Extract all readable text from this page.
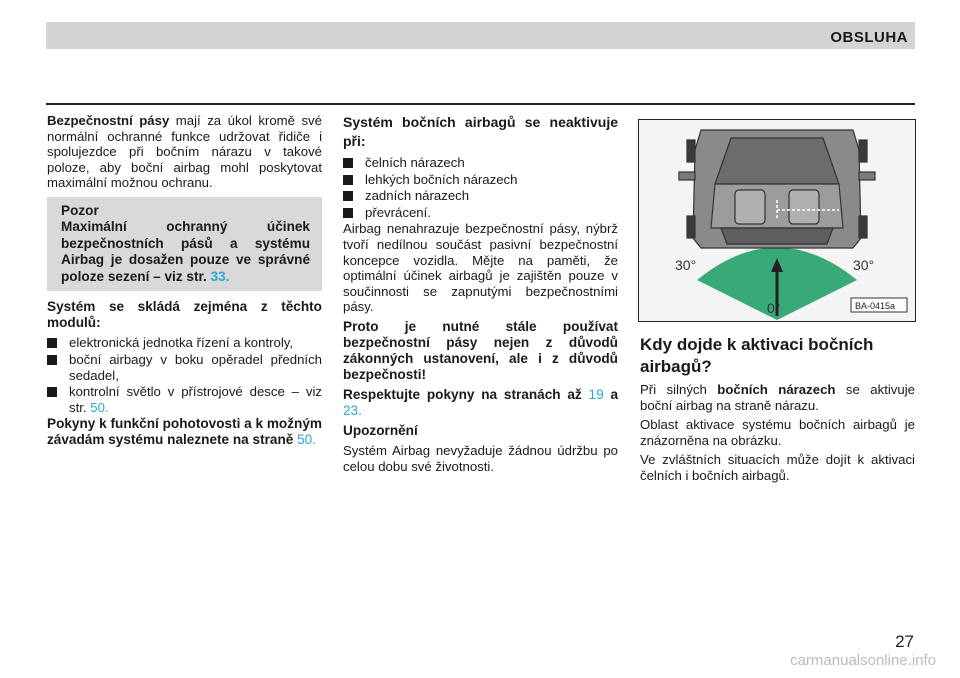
OBSLUHA

Bezpečnostní pásy mají za úkol kromě své normální ochranné funkce udržovat řidiče i spolujezdce při bočním nárazu v takové poloze, aby boční airbag mohl poskytovat maximální možnou ochranu.

Pozor
Maximální ochranný účinek bezpečnostních pásů a systému Airbag je dosažen pouze ve správné poloze sezení – viz str. 33.
Systém se skládá zejména z těchto modulů:
elektronická jednotka řízení a kontroly,
boční airbagy v boku opěradel předních sedadel,
kontrolní světlo v přístrojové desce – viz str. 50.
Pokyny k funkční pohotovosti a k možným závadám systému naleznete na straně 50.
Systém bočních airbagů se neaktivuje při:
čelních nárazech
lehkých bočních nárazech
zadních nárazech
převrácení.

Airbag nenahrazuje bezpečnostní pásy, nýbrž tvoří nedílnou součást pasivní bezpečnostní koncepce vozidla. Mějte na paměti, že optimální účinek airbagů je zajištěn pouze v součinnosti se zapnutými bezpečnostními pásy.

Proto je nutné stále používat bezpečnostní pásy nejen z důvodů zákonných ustanovení, ale i z důvodů bezpečnosti!
Respektujte pokyny na stranách až 19 a 23.
Upozornění

Systém Airbag nevyžaduje žádnou údržbu po celou dobu své životnosti.

30°	30°
0°	BA-0415a
Kdy dojde k aktivaci bočních airbagů?

Při silných bočních nárazech se aktivuje boční airbag na straně nárazu.

Oblast aktivace systému bočních airbagů je znázorněna na obrázku.

Ve zvláštních situacích může dojít k aktivaci čelních i bočních airbagů.

27
carmanualsonline.info
